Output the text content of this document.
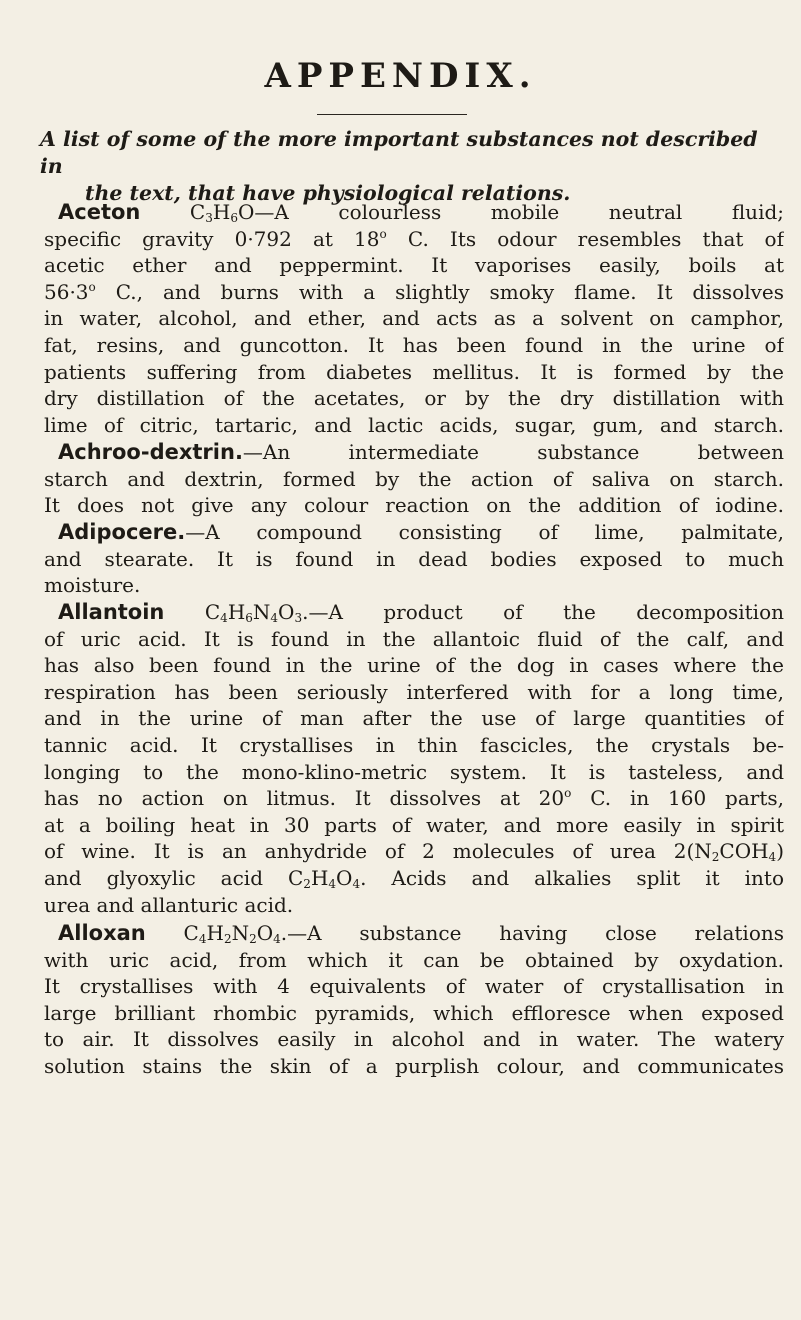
APPENDIX.
A list of some of the more important substances not described in
the text, that have physiological relations.
Aceton $C_3H_6O—A$ colourless mobile neutral fluid;
specific gravity 0·792 at 18$^o$ C. Its odour resembles that of
acetic ether and peppermint. It vaporises easily, boils at
$56\cdot 3^o$ C., and burns with a slightly smoky flame. It dissolves
in water, alcohol, and ether, and acts as a solvent on camphor,
fat, resins, and guncotton. It has been found in the urine of
patients suffering from diabetes mellitus. It is formed by the
dry distillation of the acetates, or by the dry distillation with
lime of citric, tartaric, and lactic acids, sugar, gum, and starch.
Achroo-dextrin.—An intermediate substance between
starch and dextrin, formed by the action of saliva on starch.
It does not give any colour reaction on the addition of iodine.
Adipocere.—A compound consisting of lime, palmitate,
and stearate. It is found in dead bodies exposed to much
moisture.
Allantoin $C_4H_6N_4O_3.—A$ product of the decomposition
of uric acid. It is found in the allantoic fluid of the calf, and
has also been found in the urine of the dog in cases where the
respiration has been seriously interfered with for a long time,
and in the urine of man after the use of large quantities of
tannic acid. It crystallises in thin fascicles, the crystals be-
longing to the mono-klino-metric system. It is tasteless, and
has no action on litmus. It dissolves at 20$^o$ C. in 160 parts,
at a boiling heat in 30 parts of water, and more easily in spirit
of wine. It is an anhydride of 2 molecules of urea $2(N_2COH_4)$
and glyoxylic acid $C_2H_4O_4$. Acids and alkalies split it into
urea and allanturic acid.
Alloxan $C_4H_2N_2O_4.—A$ substance having close relations
with uric acid, from which it can be obtained by oxydation.
It crystallises with 4 equivalents of water of crystallisation in
large brilliant rhombic pyramids, which effloresce when exposed
to air. It dissolves easily in alcohol and in water. The watery
solution stains the skin of a purplish colour, and communicates
